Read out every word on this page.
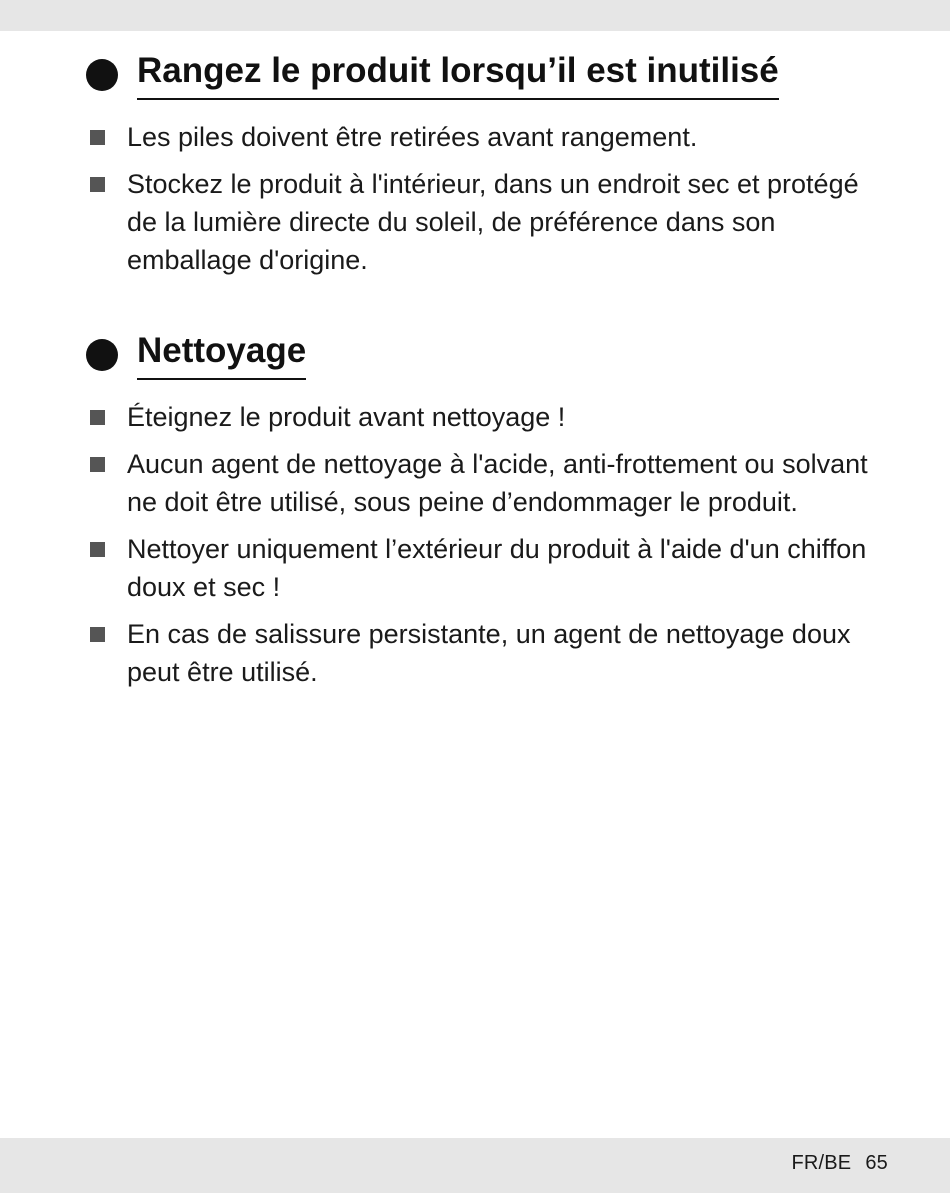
Rangez le produit lorsqu’il est inutilisé
Les piles doivent être retirées avant rangement.
Stockez le produit à l'intérieur, dans un endroit sec et protégé de la lumière directe du soleil, de préférence dans son emballage d'origine.
Nettoyage
Éteignez le produit avant nettoyage !
Aucun agent de nettoyage à l'acide, anti-frottement ou solvant ne doit être utilisé, sous peine d’endommager le produit.
Nettoyer uniquement l’extérieur du produit à l'aide d'un chiffon doux et sec !
En cas de salissure persistante, un agent de nettoyage doux peut être utilisé.
FR/BE 65
